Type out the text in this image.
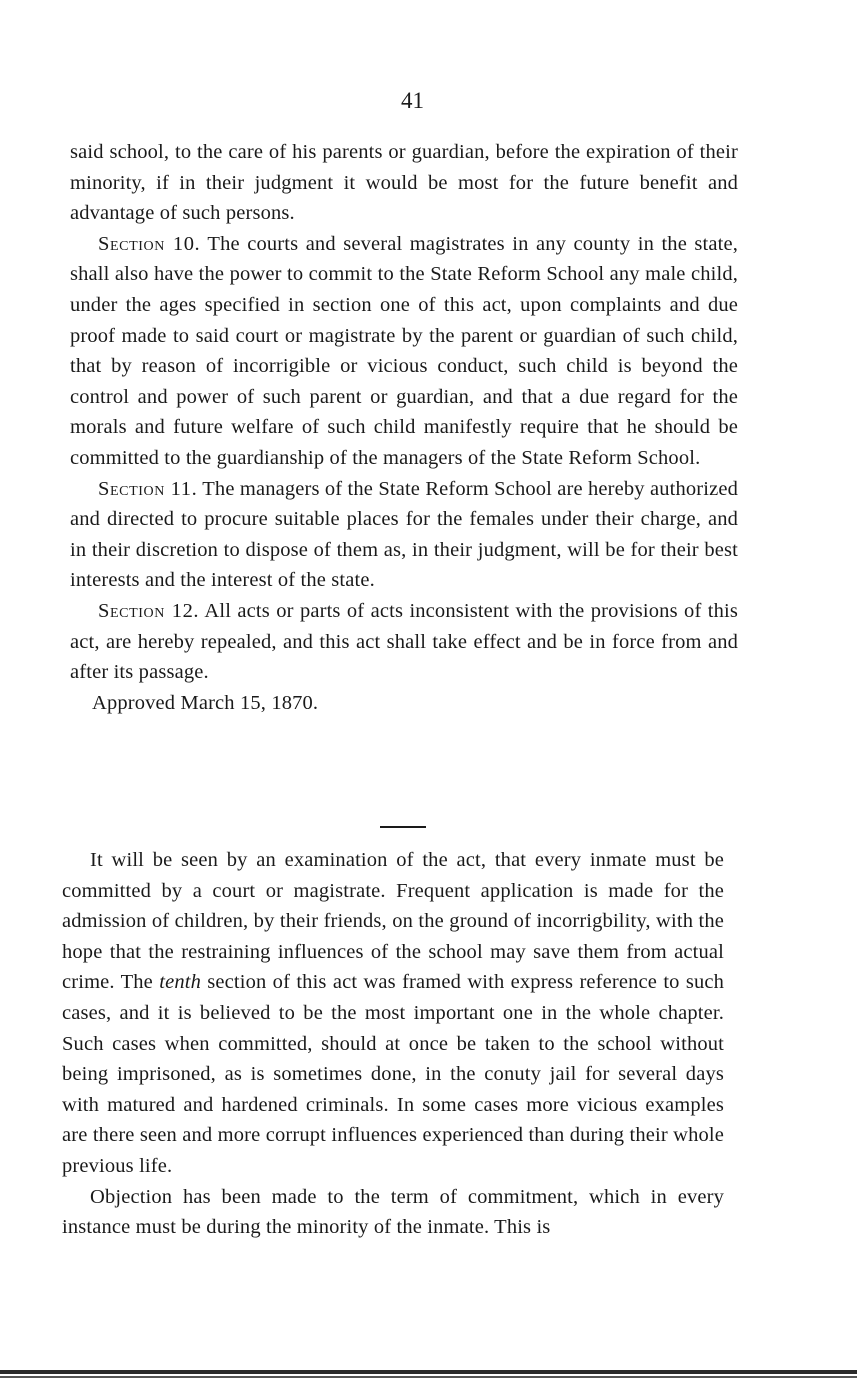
41

said school, to the care of his parents or guardian, before the expiration of their minority, if in their judgment it would be most for the future benefit and advantage of such persons.

Section 10. The courts and several magistrates in any county in the state, shall also have the power to commit to the State Reform School any male child, under the ages specified in section one of this act, upon complaints and due proof made to said court or magistrate by the parent or guardian of such child, that by reason of incorrigible or vicious conduct, such child is beyond the control and power of such parent or guardian, and that a due regard for the morals and future welfare of such child manifestly require that he should be committed to the guardianship of the managers of the State Reform School.

Section 11. The managers of the State Reform School are hereby authorized and directed to procure suitable places for the females under their charge, and in their discretion to dispose of them as, in their judgment, will be for their best interests and the interest of the state.

Section 12. All acts or parts of acts inconsistent with the provisions of this act, are hereby repealed, and this act shall take effect and be in force from and after its passage.

Approved March 15, 1870.

It will be seen by an examination of the act, that every inmate must be committed by a court or magistrate. Frequent application is made for the admission of children, by their friends, on the ground of incorrigbility, with the hope that the restraining influences of the school may save them from actual crime. The tenth section of this act was framed with express reference to such cases, and it is believed to be the most important one in the whole chapter. Such cases when committed, should at once be taken to the school without being imprisoned, as is sometimes done, in the conuty jail for several days with matured and hardened criminals. In some cases more vicious examples are there seen and more corrupt influences experienced than during their whole previous life.

Objection has been made to the term of commitment, which in every instance must be during the minority of the inmate. This is
